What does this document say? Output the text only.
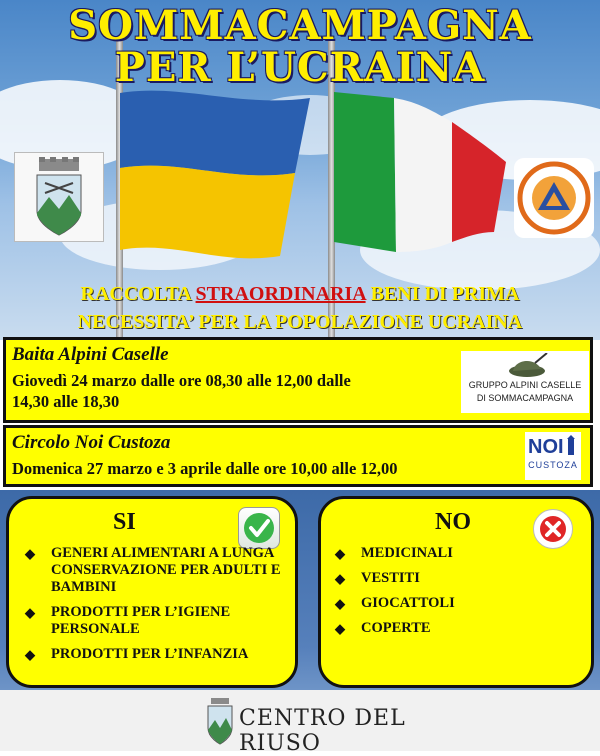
SOMMACAMPAGNA
PER L’UCRAINA
RACCOLTA STRAORDINARIA BENI DI PRIMA
NECESSITA’ PER LA POPOLAZIONE UCRAINA
Baita Alpini Caselle
Giovedì 24 marzo dalle ore 08,30 alle 12,00 dalle
14,30 alle 18,30
GRUPPO ALPINI CASELLE
DI SOMMACAMPAGNA
Circolo Noi Custoza
Domenica 27 marzo e 3 aprile dalle ore 10,00 alle 12,00
NOI
CUSTOZA
SI
◆ GENERI ALIMENTARI A LUNGA CONSERVAZIONE PER ADULTI E BAMBINI
◆ PRODOTTI PER L’IGIENE PERSONALE
◆ PRODOTTI PER L’INFANZIA
NO
◆ MEDICINALI
◆ VESTITI
◆ GIOCATTOLI
◆ COPERTE
CENTRO DEL RIUSO
